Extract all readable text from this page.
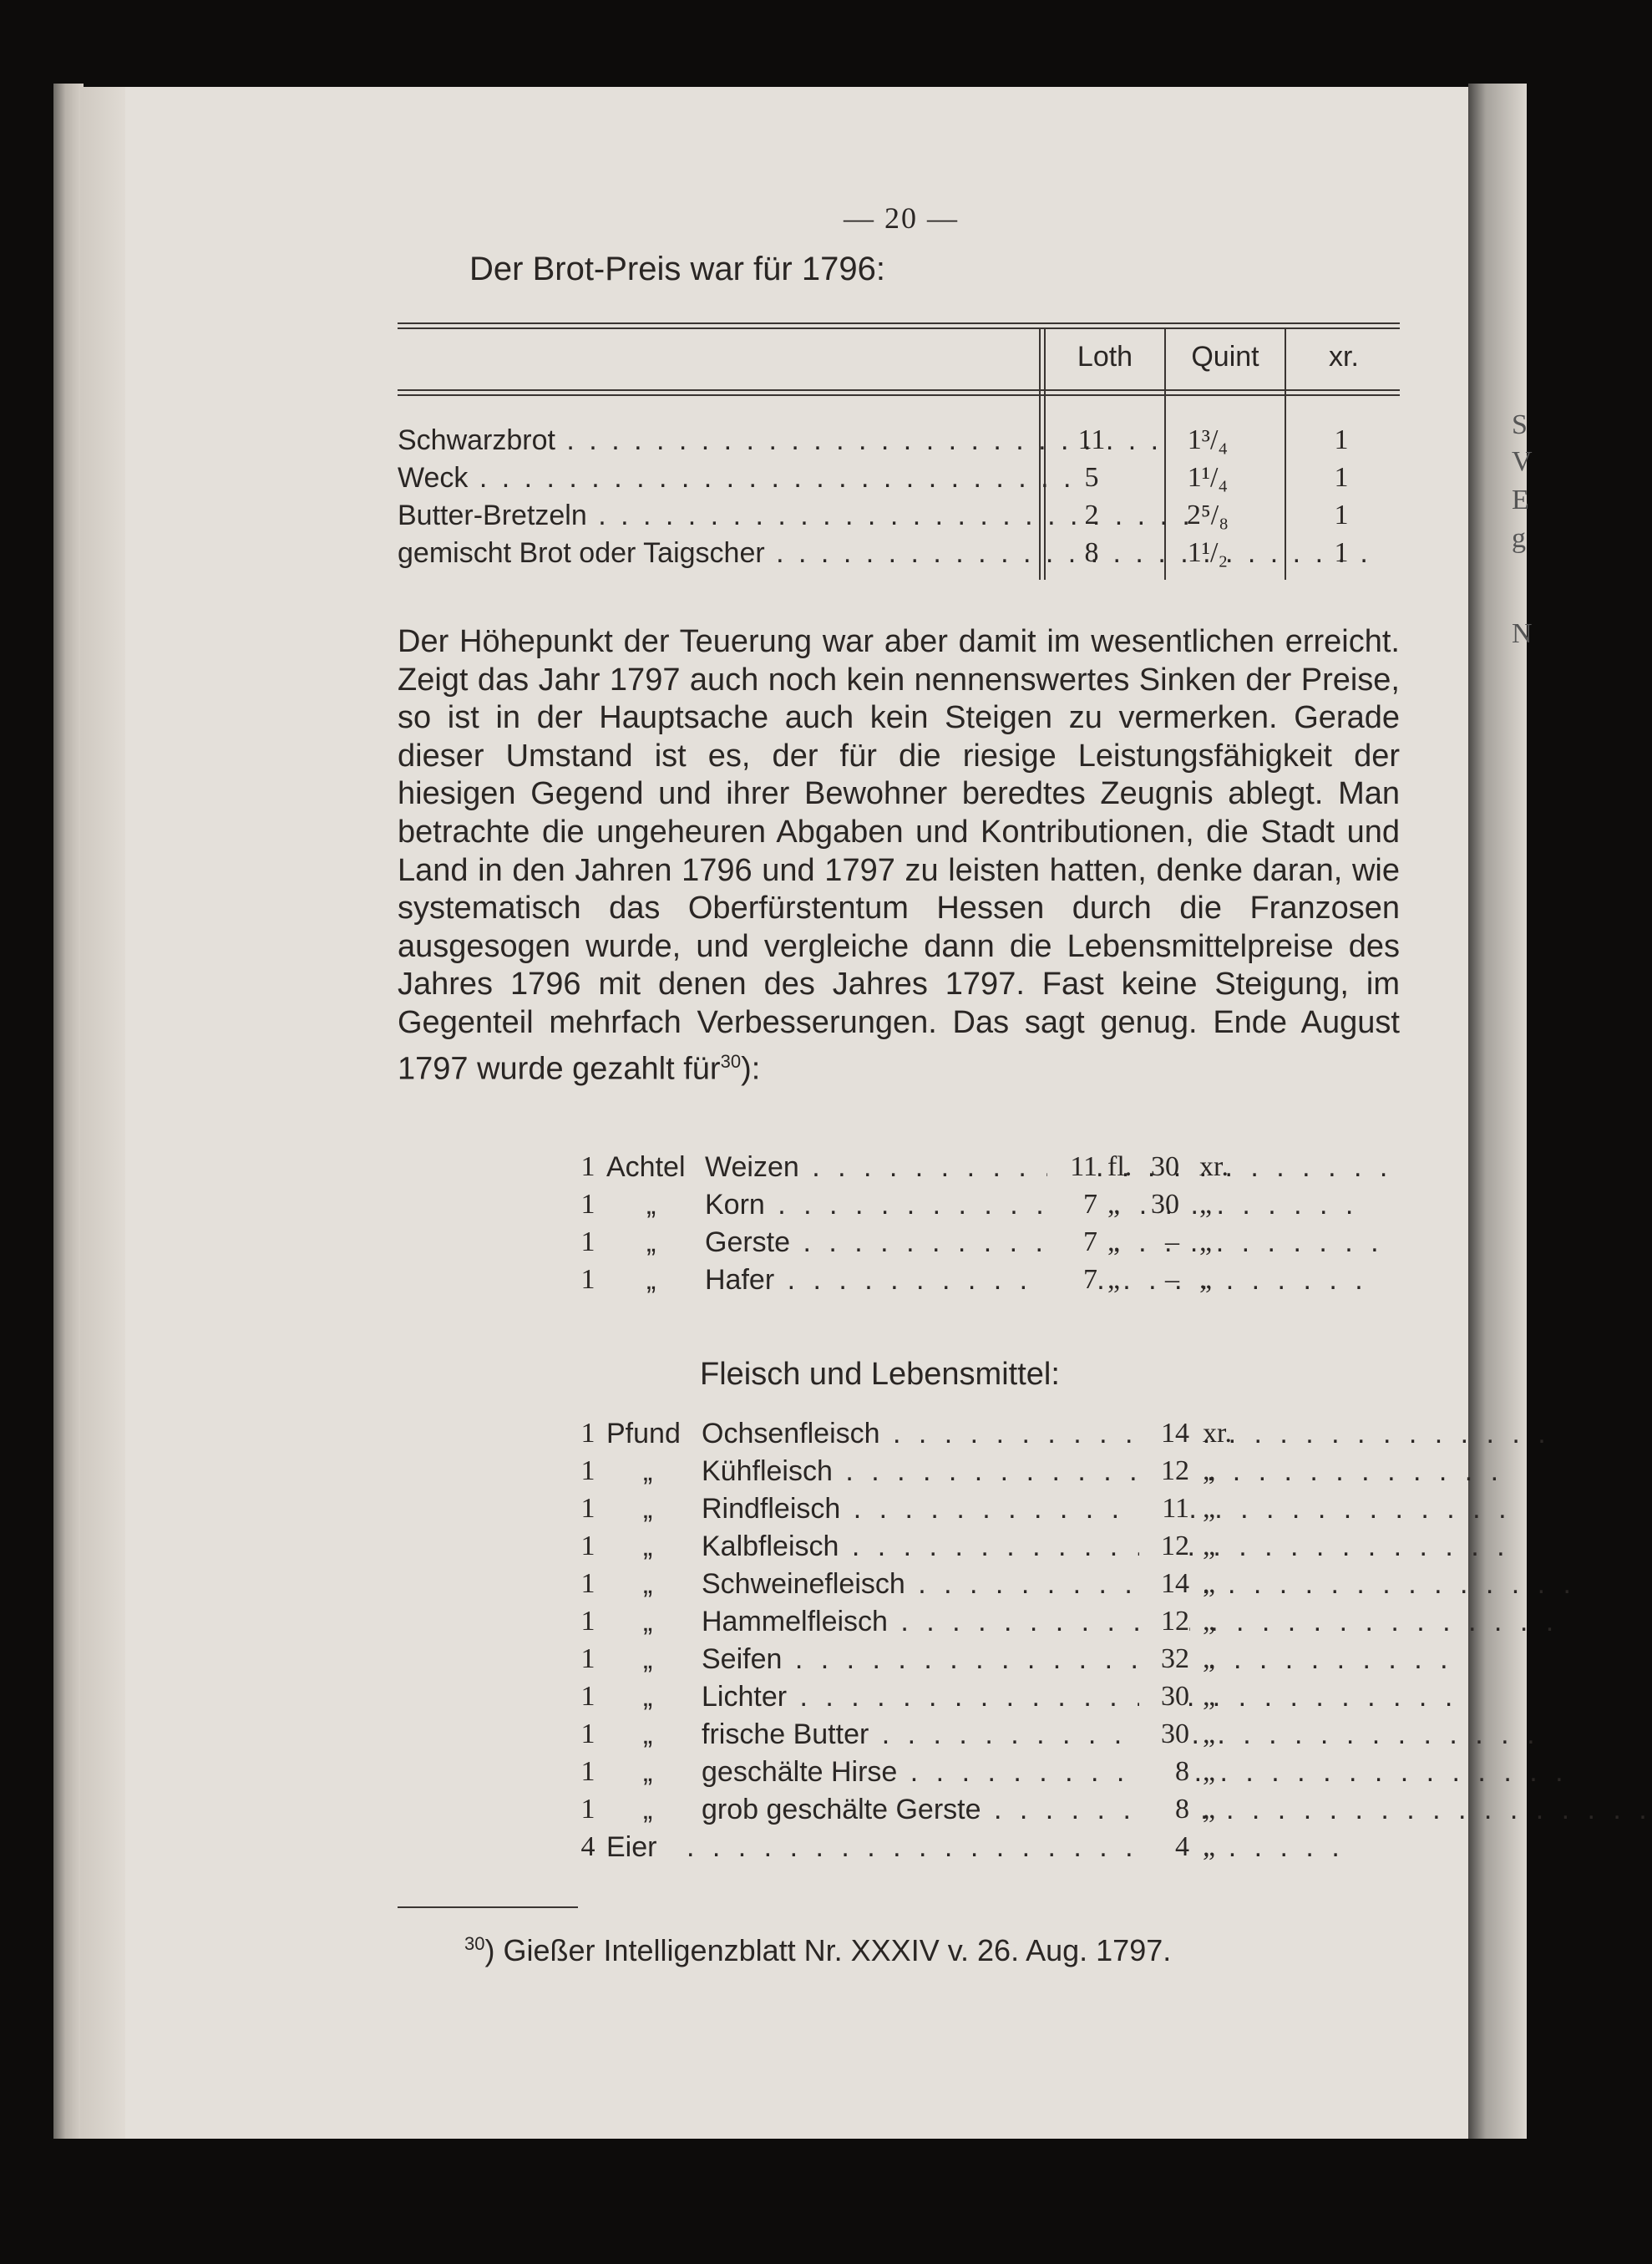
S
V
E
g
N
— 20 —
Der Brot-Preis war für 1796:
Loth	Quint	xr.
Schwarzbrot . . .	11	1³/₄	1
Weck . . .	5	1¹/₄	1
Butter-Bretzeln . . .	2	2⁵/₈	1
gemischt Brot oder Taigscher . . .	8	1¹/₂	1
Der Höhepunkt der Teuerung war aber damit im wesentlichen erreicht. Zeigt das Jahr 1797 auch noch kein nennenswertes Sinken der Preise, so ist in der Hauptsache auch kein Steigen zu vermerken. Gerade dieser Umstand ist es, der für die riesige Leistungsfähigkeit der hiesigen Gegend und ihrer Bewohner beredtes Zeugnis ablegt. Man betrachte die ungeheuren Abgaben und Kontributionen, die Stadt und Land in den Jahren 1796 und 1797 zu leisten hatten, denke daran, wie systematisch das Oberfürstentum Hessen durch die Franzosen ausgesogen wurde, und vergleiche dann die Lebensmittelpreise des Jahres 1796 mit denen des Jahres 1797. Fast keine Steigung, im Gegenteil mehrfach Verbesserungen. Das sagt genug. Ende August 1797 wurde gezahlt für$^{30}$):
1 Achtel Weizen . . .	11 fl. 30 xr.
1 „ Korn . . .	7 „	30 „
1 „ Gerste . . .	7 „	– „
1 „ Hafer . . .	7 „	– „
Fleisch und Lebensmittel:
1 Pfund Ochsenfleisch . . .	14 xr.
1 „ Kühfleisch . . .	12 „
1 „ Rindfleisch . . .	11 „
1 „ Kalbfleisch . . .	12 „
1 „ Schweinefleisch . . .	14 „
1 „ Hammelfleisch . . .	12 „
1 „ Seifen . . .	32 „
1 „ Lichter . . .	30 „
1 „ frische Butter . . .	30 „
1 „ geschälte Hirse . . .	8 „
1 „ grob geschälte Gerste . . .	8 „
4 Eier
. . .	4 „
$^{30}$) Gießer Intelligenzblatt Nr. XXXIV v. 26. Aug. 1797.
